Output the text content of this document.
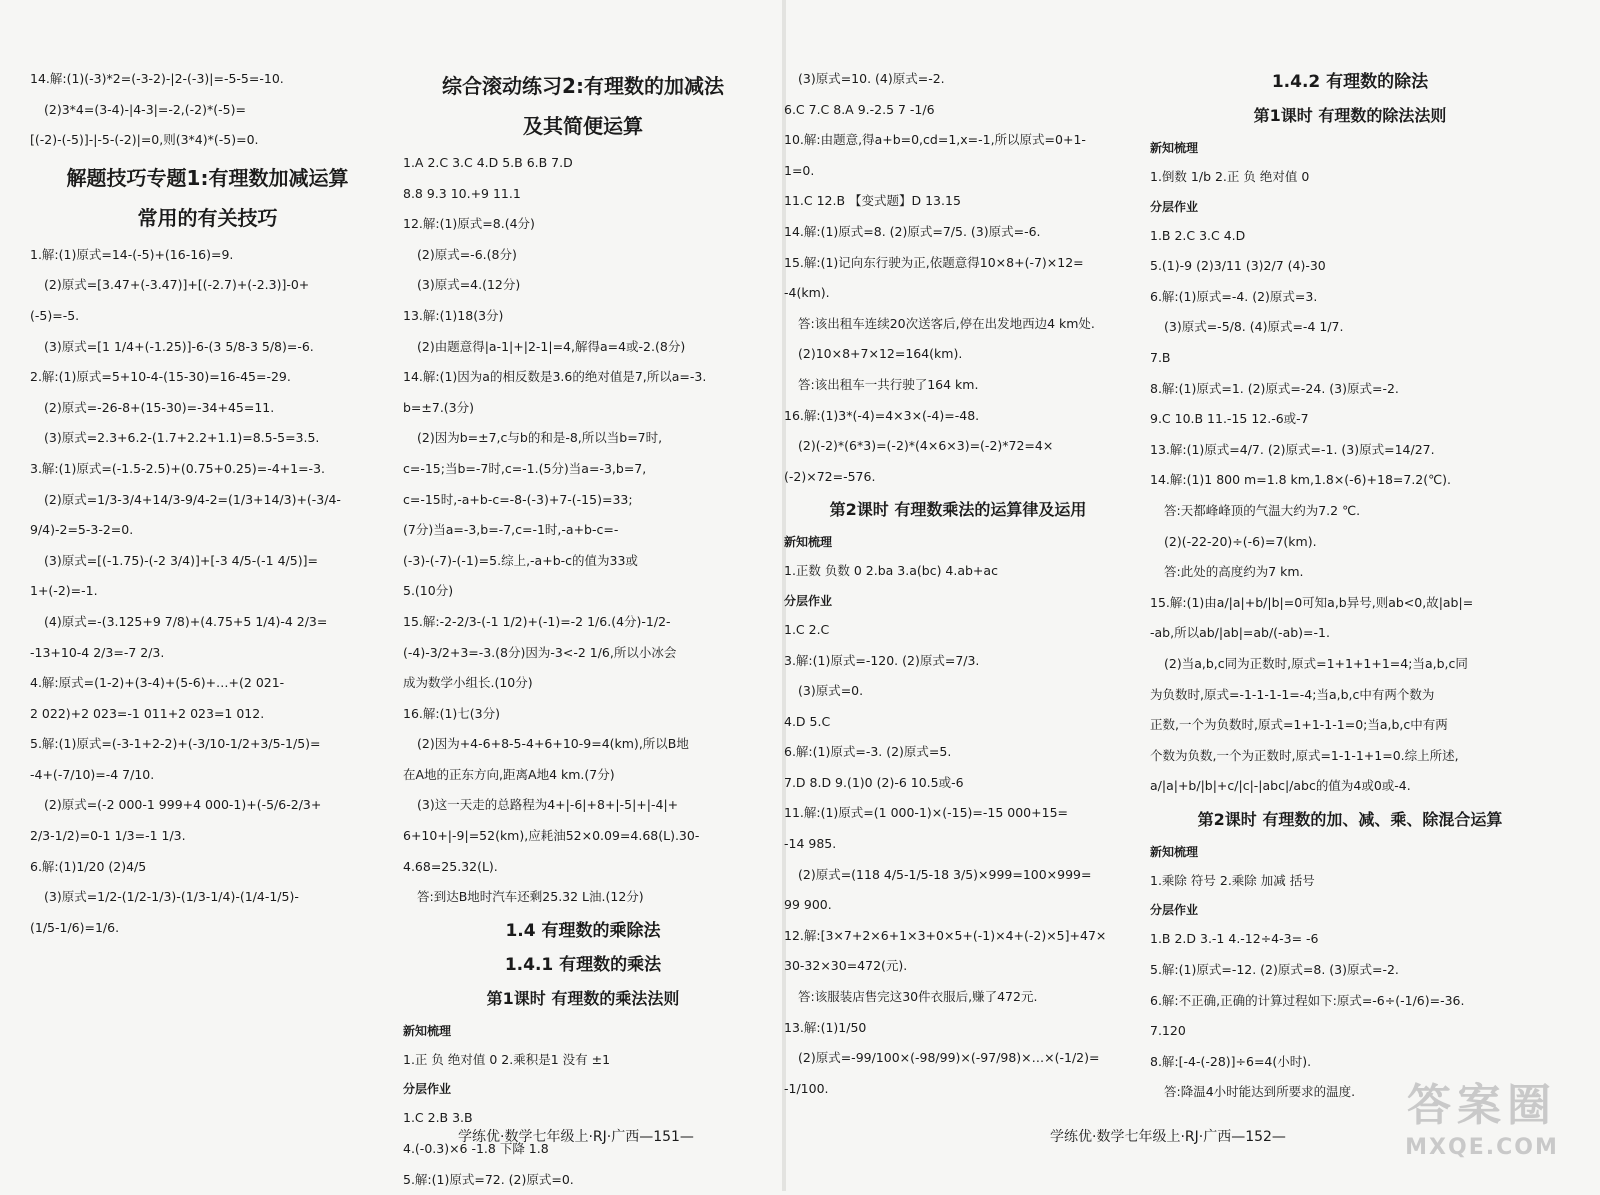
14.解:(1)(-3)*2=(-3-2)-|2-(-3)|=-5-5=-10.
(2)3*4=(3-4)-|4-3|=-2,(-2)*(-5)=
[(-2)-(-5)]-|-5-(-2)|=0,则(3*4)*(-5)=0.
解题技巧专题1:有理数加减运算
常用的有关技巧
1.解:(1)原式=14-(-5)+(16-16)=9.
(2)原式=[3.47+(-3.47)]+[(-2.7)+(-2.3)]-0+
(-5)=-5.
(3)原式=[1 1/4+(-1.25)]-6-(3 5/8-3 5/8)=-6.
2.解:(1)原式=5+10-4-(15-30)=16-45=-29.
(2)原式=-26-8+(15-30)=-34+45=11.
(3)原式=2.3+6.2-(1.7+2.2+1.1)=8.5-5=3.5.
3.解:(1)原式=(-1.5-2.5)+(0.75+0.25)=-4+1=-3.
(2)原式=1/3-3/4+14/3-9/4-2=(1/3+14/3)+(-3/4-
9/4)-2=5-3-2=0.
(3)原式=[(-1.75)-(-2 3/4)]+[-3 4/5-(-1 4/5)]=
1+(-2)=-1.
(4)原式=-(3.125+9 7/8)+(4.75+5 1/4)-4 2/3=
-13+10-4 2/3=-7 2/3.
4.解:原式=(1-2)+(3-4)+(5-6)+…+(2 021-
2 022)+2 023=-1 011+2 023=1 012.
5.解:(1)原式=(-3-1+2-2)+(-3/10-1/2+3/5-1/5)=
-4+(-7/10)=-4 7/10.
(2)原式=(-2 000-1 999+4 000-1)+(-5/6-2/3+
2/3-1/2)=0-1 1/3=-1 1/3.
6.解:(1)1/20 (2)4/5
(3)原式=1/2-(1/2-1/3)-(1/3-1/4)-(1/4-1/5)-
(1/5-1/6)=1/6.
综合滚动练习2:有理数的加减法
及其简便运算
1.A 2.C 3.C 4.D 5.B 6.B 7.D
8.8 9.3 10.+9 11.1
12.解:(1)原式=8.(4分)
(2)原式=-6.(8分)
(3)原式=4.(12分)
13.解:(1)18(3分)
(2)由题意得|a-1|+|2-1|=4,解得a=4或-2.(8分)
14.解:(1)因为a的相反数是3.6的绝对值是7,所以a=-3.
b=±7.(3分)
(2)因为b=±7,c与b的和是-8,所以当b=7时,
c=-15;当b=-7时,c=-1.(5分)当a=-3,b=7,
c=-15时,-a+b-c=-8-(-3)+7-(-15)=33;
(7分)当a=-3,b=-7,c=-1时,-a+b-c=-
(-3)-(-7)-(-1)=5.综上,-a+b-c的值为33或
5.(10分)
15.解:-2-2/3-(-1 1/2)+(-1)=-2 1/6.(4分)-1/2-
(-4)-3/2+3=-3.(8分)因为-3<-2 1/6,所以小冰会
成为数学小组长.(10分)
16.解:(1)七(3分)
(2)因为+4-6+8-5-4+6+10-9=4(km),所以B地
在A地的正东方向,距离A地4 km.(7分)
(3)这一天走的总路程为4+|-6|+8+|-5|+|-4|+
6+10+|-9|=52(km),应耗油52×0.09=4.68(L).30-
4.68=25.32(L).
答:到达B地时汽车还剩25.32 L油.(12分)
1.4 有理数的乘除法
1.4.1 有理数的乘法
第1课时 有理数的乘法法则
新知梳理
1.正 负 绝对值 0 2.乘积是1 没有 ±1
分层作业
1.C 2.B 3.B
4.(-0.3)×6 -1.8 下降 1.8
5.解:(1)原式=72. (2)原式=0.
学练优·数学七年级上·RJ·广西—151—
(3)原式=10. (4)原式=-2.
6.C 7.C 8.A 9.-2.5 7 -1/6
10.解:由题意,得a+b=0,cd=1,x=-1,所以原式=0+1-
1=0.
11.C 12.B 【变式题】D 13.15
14.解:(1)原式=8. (2)原式=7/5. (3)原式=-6.
15.解:(1)记向东行驶为正,依题意得10×8+(-7)×12=
-4(km).
答:该出租车连续20次送客后,停在出发地西边4 km处.
(2)10×8+7×12=164(km).
答:该出租车一共行驶了164 km.
16.解:(1)3*(-4)=4×3×(-4)=-48.
(2)(-2)*(6*3)=(-2)*(4×6×3)=(-2)*72=4×
(-2)×72=-576.
第2课时 有理数乘法的运算律及运用
新知梳理
1.正数 负数 0 2.ba 3.a(bc) 4.ab+ac
分层作业
1.C 2.C
3.解:(1)原式=-120. (2)原式=7/3.
(3)原式=0.
4.D 5.C
6.解:(1)原式=-3. (2)原式=5.
7.D 8.D 9.(1)0 (2)-6 10.5或-6
11.解:(1)原式=(1 000-1)×(-15)=-15 000+15=
-14 985.
(2)原式=(118 4/5-1/5-18 3/5)×999=100×999=
99 900.
12.解:[3×7+2×6+1×3+0×5+(-1)×4+(-2)×5]+47×
30-32×30=472(元).
答:该服装店售完这30件衣服后,赚了472元.
13.解:(1)1/50
(2)原式=-99/100×(-98/99)×(-97/98)×…×(-1/2)=
-1/100.
1.4.2 有理数的除法
第1课时 有理数的除法法则
新知梳理
1.倒数 1/b 2.正 负 绝对值 0
分层作业
1.B 2.C 3.C 4.D
5.(1)-9 (2)3/11 (3)2/7 (4)-30
6.解:(1)原式=-4. (2)原式=3.
(3)原式=-5/8. (4)原式=-4 1/7.
7.B
8.解:(1)原式=1. (2)原式=-24. (3)原式=-2.
9.C 10.B 11.-15 12.-6或-7
13.解:(1)原式=4/7. (2)原式=-1. (3)原式=14/27.
14.解:(1)1 800 m=1.8 km,1.8×(-6)+18=7.2(℃).
答:天都峰峰顶的气温大约为7.2 ℃.
(2)(-22-20)÷(-6)=7(km).
答:此处的高度约为7 km.
15.解:(1)由a/|a|+b/|b|=0可知a,b异号,则ab<0,故|ab|=
-ab,所以ab/|ab|=ab/(-ab)=-1.
(2)当a,b,c同为正数时,原式=1+1+1+1=4;当a,b,c同
为负数时,原式=-1-1-1-1=-4;当a,b,c中有两个数为
正数,一个为负数时,原式=1+1-1-1=0;当a,b,c中有两
个数为负数,一个为正数时,原式=1-1-1+1=0.综上所述,
a/|a|+b/|b|+c/|c|-|abc|/abc的值为4或0或-4.
第2课时 有理数的加、减、乘、除混合运算
新知梳理
1.乘除 符号 2.乘除 加减 括号
分层作业
1.B 2.D 3.-1 4.-12÷4-3= -6
5.解:(1)原式=-12. (2)原式=8. (3)原式=-2.
6.解:不正确,正确的计算过程如下:原式=-6÷(-1/6)=-36.
7.120
8.解:[-4-(-28)]÷6=4(小时).
答:降温4小时能达到所要求的温度.
学练优·数学七年级上·RJ·广西—152—
答案圈
MXQE.COM
